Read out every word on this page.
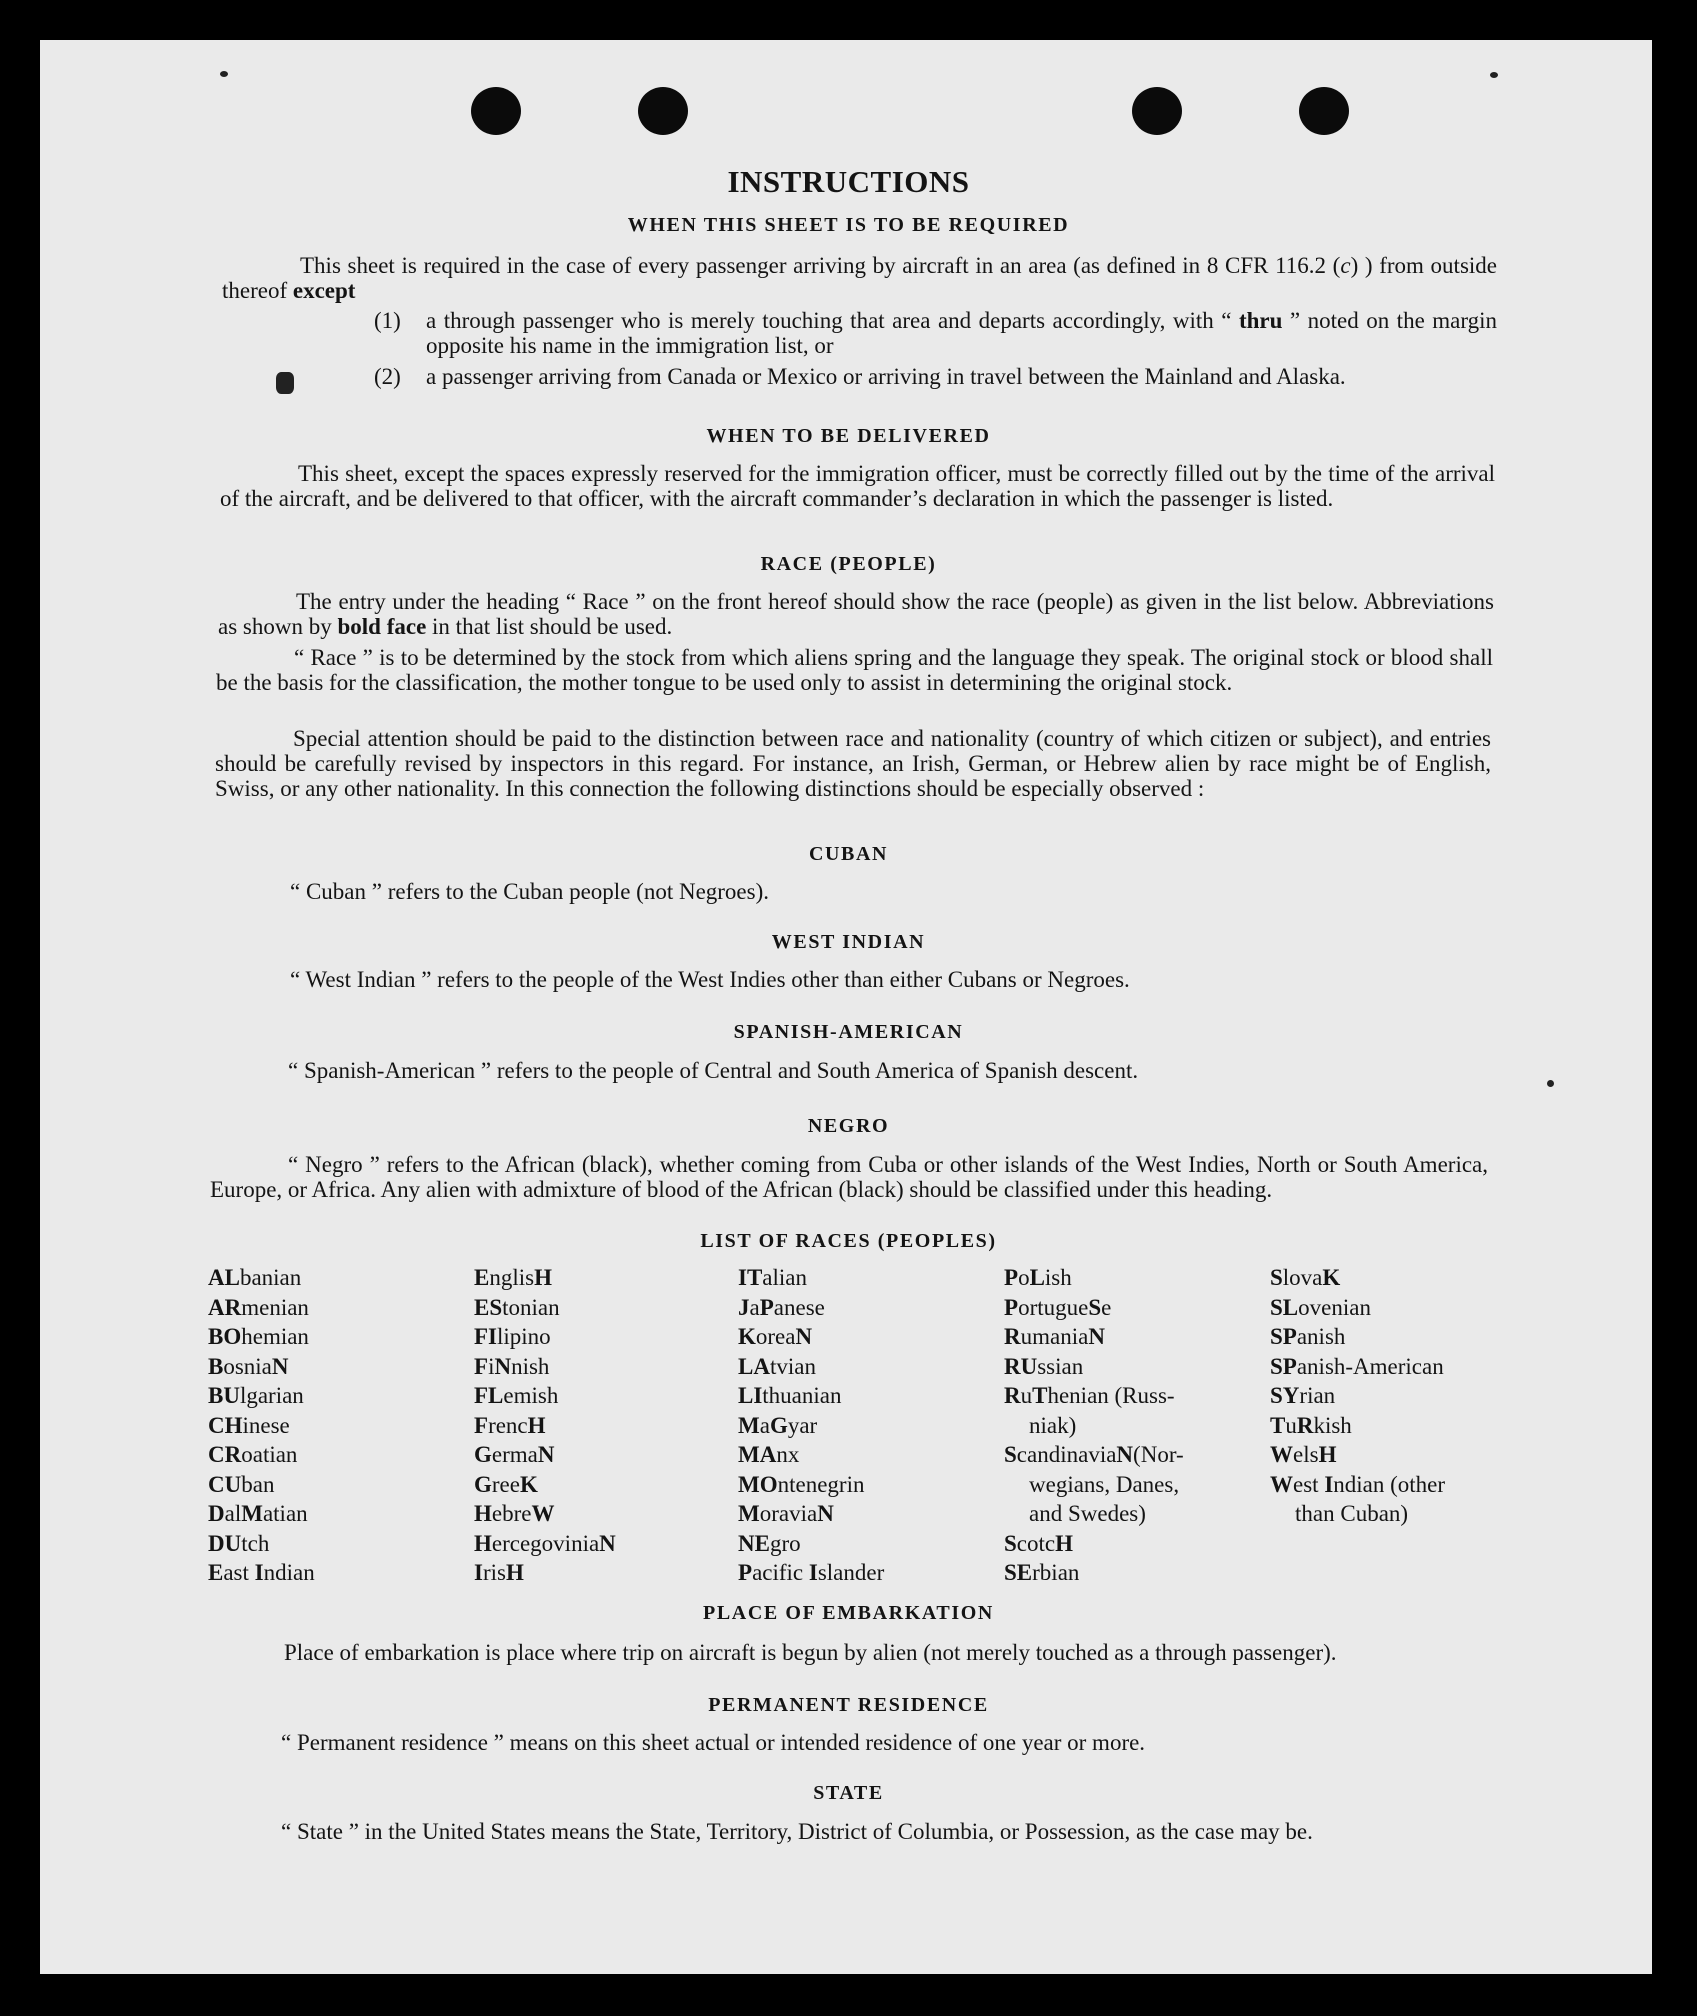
INSTRUCTIONS
WHEN THIS SHEET IS TO BE REQUIRED

This sheet is required in the case of every passenger arriving by aircraft in an area (as defined in 8 CFR 116.2 (c) ) from outside thereof except

(1) a through passenger who is merely touching that area and departs accordingly, with “ thru ” noted on the margin opposite his name in the immigration list, or

(2) a passenger arriving from Canada or Mexico or arriving in travel between the Mainland and Alaska.

WHEN TO BE DELIVERED

This sheet, except the spaces expressly reserved for the immigration officer, must be correctly filled out by the time of the arrival of the aircraft, and be delivered to that officer, with the aircraft commander’s declaration in which the passenger is listed.

RACE (PEOPLE)

The entry under the heading “ Race ” on the front hereof should show the race (people) as given in the list below. Abbreviations as shown by bold face in that list should be used.

“ Race ” is to be determined by the stock from which aliens spring and the language they speak. The original stock or blood shall be the basis for the classification, the mother tongue to be used only to assist in determining the original stock.

Special attention should be paid to the distinction between race and nationality (country of which citizen or subject), and entries should be carefully revised by inspectors in this regard. For instance, an Irish, German, or Hebrew alien by race might be of English, Swiss, or any other nationality. In this connection the following distinctions should be especially observed :

CUBAN

“ Cuban ” refers to the Cuban people (not Negroes).

WEST INDIAN

“ West Indian ” refers to the people of the West Indies other than either Cubans or Negroes.

SPANISH-AMERICAN

“ Spanish-American ” refers to the people of Central and South America of Spanish descent.

NEGRO

“ Negro ” refers to the African (black), whether coming from Cuba or other islands of the West Indies, North or South America, Europe, or Africa. Any alien with admixture of blood of the African (black) should be classified under this heading.

LIST OF RACES (PEOPLES)
ALbanian
ARmenian
BOhemian
BosniaN
BUlgarian
CHinese
CRoatian
CUban
DalMatian
DUtch
East Indian
EnglisH
EStonian
FIlipino
FiNnish
FLemish
FrencH
GermaN
GreeK
HebreW
HercegoviniaN
IrisH
ITalian
JaPanese
KoreaN
LAtvian
LIthuanian
MaGyar
MAnx
MOntenegrin
MoraviaN
NEgro
Pacific Islander
PoLish
PortugueSe
RumaniaN
RUssian
RuThenian (Russ-
niak)
ScandinaviaN(Nor-
wegians, Danes,
and Swedes)
ScotcH
SErbian
SlovaK
SLovenian
SPanish
SPanish-American
SYrian
TuRkish
WelsH
West Indian (other
than Cuban)
PLACE OF EMBARKATION

Place of embarkation is place where trip on aircraft is begun by alien (not merely touched as a through passenger).

PERMANENT RESIDENCE

“ Permanent residence ” means on this sheet actual or intended residence of one year or more.

STATE

“ State ” in the United States means the State, Territory, District of Columbia, or Possession, as the case may be.
